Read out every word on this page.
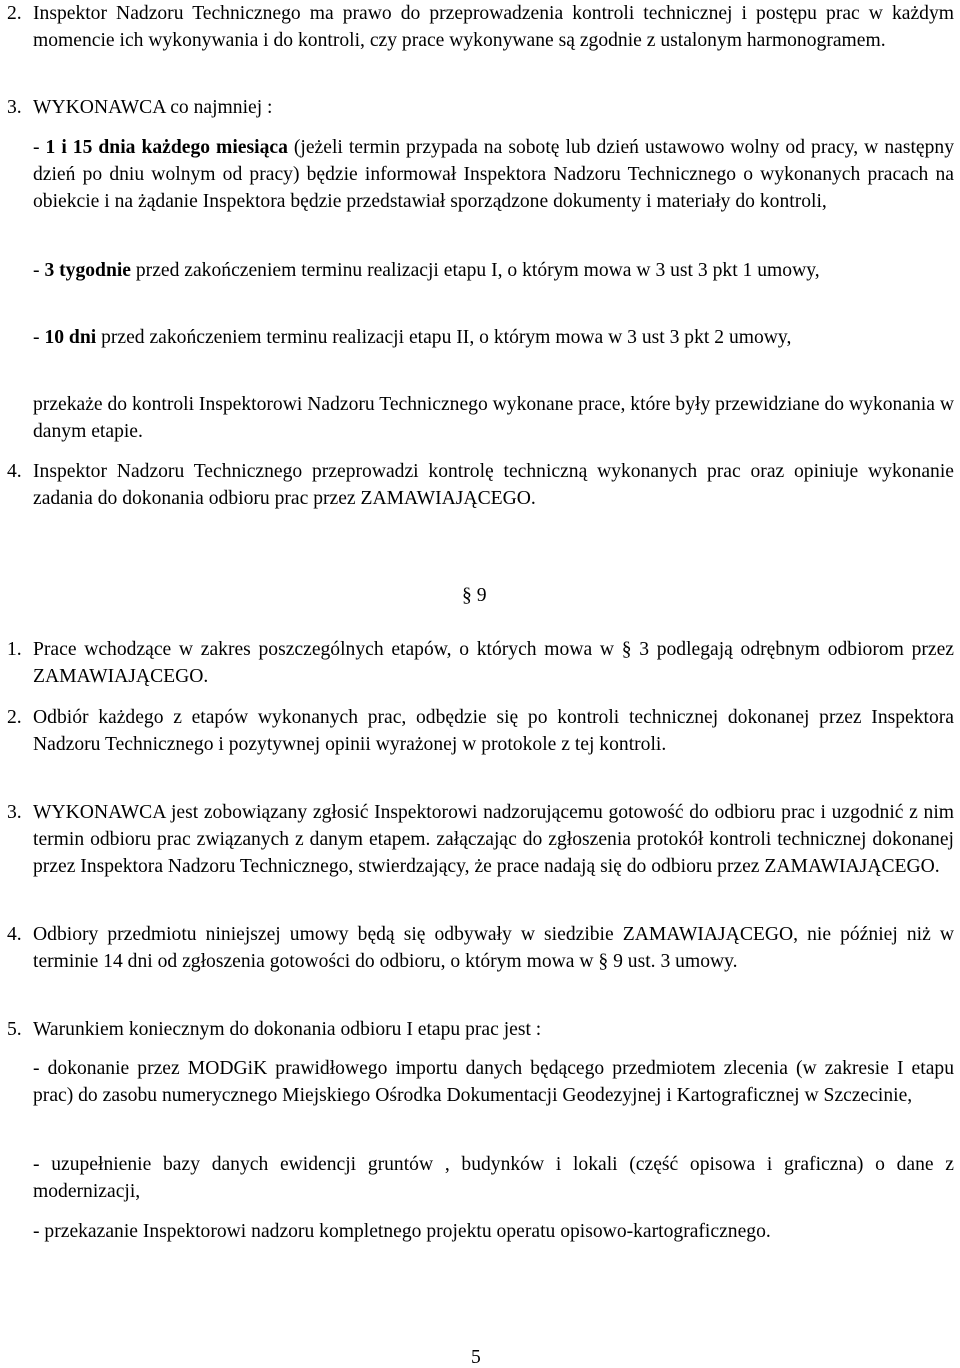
2. Inspektor Nadzoru Technicznego ma prawo do przeprowadzenia kontroli technicznej i postępu prac w każdym momencie ich wykonywania i do kontroli, czy prace wykonywane są zgodnie z ustalonym harmonogramem.
3. WYKONAWCA co najmniej :
- 1 i 15 dnia każdego miesiąca (jeżeli termin przypada na sobotę lub dzień ustawowo wolny od pracy, w następny dzień po dniu wolnym od pracy) będzie informował Inspektora Nadzoru Technicznego o wykonanych pracach na obiekcie i na żądanie Inspektora będzie przedstawiał sporządzone dokumenty i materiały do kontroli,
- 3 tygodnie przed zakończeniem terminu realizacji etapu I, o którym mowa w 3 ust 3 pkt 1 umowy,
- 10 dni przed zakończeniem terminu realizacji etapu II, o którym mowa w 3 ust 3 pkt 2 umowy,
przekaże do kontroli Inspektorowi Nadzoru Technicznego wykonane prace, które były przewidziane do wykonania w danym etapie.
4. Inspektor Nadzoru Technicznego przeprowadzi kontrolę techniczną wykonanych prac oraz opiniuje wykonanie zadania do dokonania odbioru prac przez ZAMAWIAJĄCEGO.
§ 9
1. Prace wchodzące w zakres poszczególnych etapów, o których mowa w § 3 podlegają odrębnym odbiorom przez ZAMAWIAJĄCEGO.
2. Odbiór każdego z etapów wykonanych prac, odbędzie się po kontroli technicznej dokonanej przez Inspektora Nadzoru Technicznego i pozytywnej opinii wyrażonej w protokole z tej kontroli.
3. WYKONAWCA jest zobowiązany zgłosić Inspektorowi nadzorującemu gotowość do odbioru prac i uzgodnić z nim termin odbioru prac związanych z danym etapem. załączając do zgłoszenia protokół kontroli technicznej dokonanej przez Inspektora Nadzoru Technicznego, stwierdzający, że prace nadają się do odbioru przez ZAMAWIAJĄCEGO.
4. Odbiory przedmiotu niniejszej umowy będą się odbywały w siedzibie ZAMAWIAJĄCEGO, nie później niż w terminie 14 dni od zgłoszenia gotowości do odbioru, o którym mowa w § 9 ust. 3 umowy.
5. Warunkiem koniecznym do dokonania odbioru I etapu prac jest :
- dokonanie przez MODGiK prawidłowego importu danych będącego przedmiotem zlecenia (w zakresie I etapu prac) do zasobu numerycznego Miejskiego Ośrodka Dokumentacji Geodezyjnej i Kartograficznej w Szczecinie,
- uzupełnienie bazy danych ewidencji gruntów , budynków i lokali (część opisowa i graficzna) o dane z modernizacji,
- przekazanie Inspektorowi nadzoru kompletnego projektu operatu opisowo-kartograficznego.
5
